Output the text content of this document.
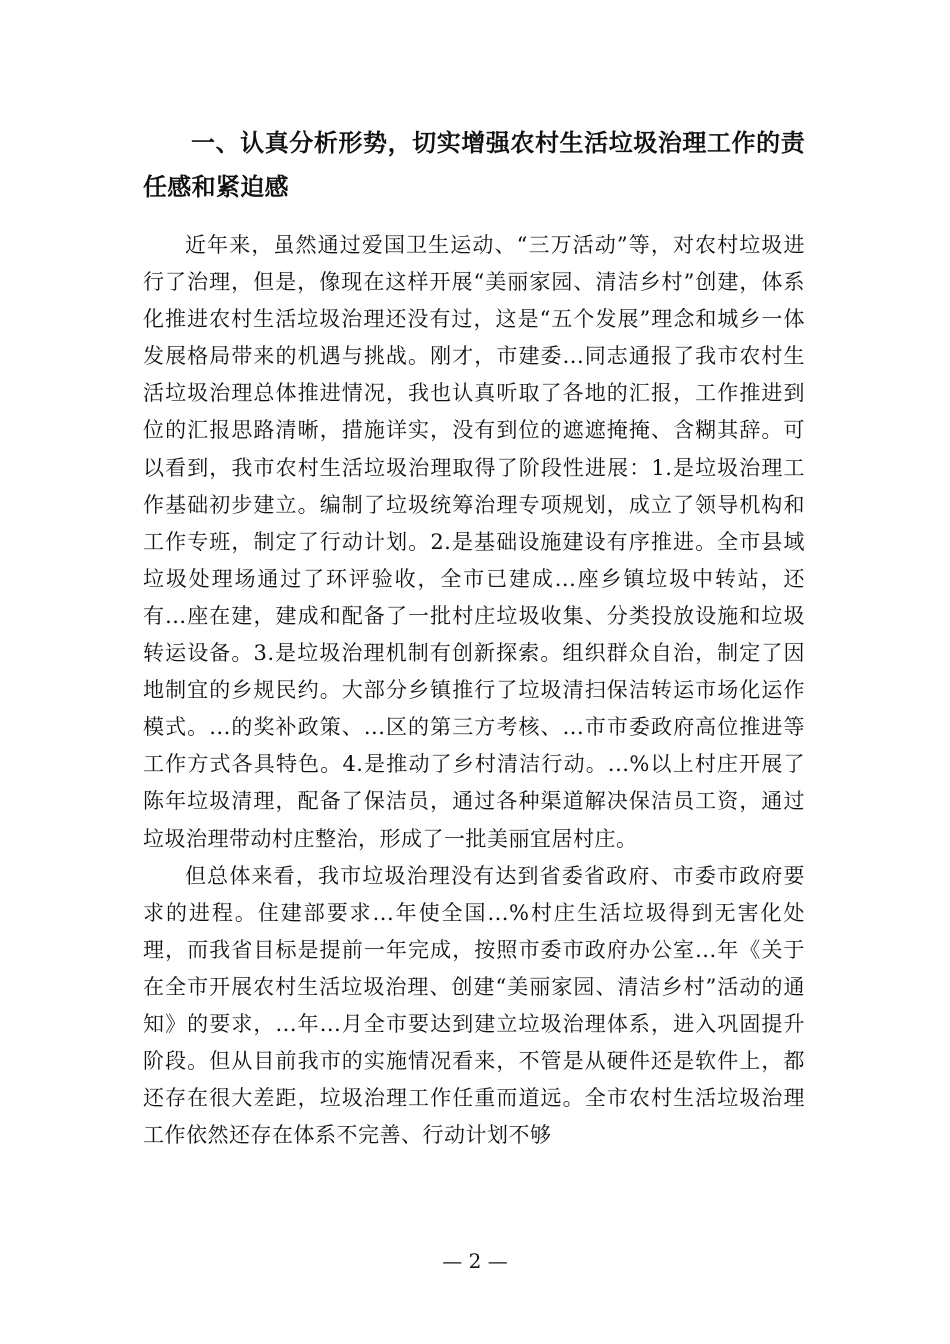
一、认真分析形势，切实增强农村生活垃圾治理工作的责任感和紧迫感

近年来，虽然通过爱国卫生运动、“三万活动”等，对农村垃圾进行了治理，但是，像现在这样开展“美丽家园、清洁乡村”创建，体系化推进农村生活垃圾治理还没有过，这是“五个发展”理念和城乡一体发展格局带来的机遇与挑战。刚才，市建委...同志通报了我市农村生活垃圾治理总体推进情况，我也认真听取了各地的汇报，工作推进到位的汇报思路清晰，措施详实，没有到位的遮遮掩掩、含糊其辞。可以看到，我市农村生活垃圾治理取得了阶段性进展：1.是垃圾治理工作基础初步建立。编制了垃圾统筹治理专项规划，成立了领导机构和工作专班，制定了行动计划。2.是基础设施建设有序推进。全市县域垃圾处理场通过了环评验收，全市已建成...座乡镇垃圾中转站，还有...座在建，建成和配备了一批村庄垃圾收集、分类投放设施和垃圾转运设备。3.是垃圾治理机制有创新探索。组织群众自治，制定了因地制宜的乡规民约。大部分乡镇推行了垃圾清扫保洁转运市场化运作模式。...的奖补政策、...区的第三方考核、...市市委政府高位推进等工作方式各具特色。4.是推动了乡村清洁行动。...%以上村庄开展了陈年垃圾清理，配备了保洁员，通过各种渠道解决保洁员工资，通过垃圾治理带动村庄整治，形成了一批美丽宜居村庄。

但总体来看，我市垃圾治理没有达到省委省政府、市委市政府要求的进程。住建部要求...年使全国...%村庄生活垃圾得到无害化处理，而我省目标是提前一年完成，按照市委市政府办公室...年《关于在全市开展农村生活垃圾治理、创建“美丽家园、清洁乡村”活动的通知》的要求，...年...月全市要达到建立垃圾治理体系，进入巩固提升阶段。但从目前我市的实施情况看来，不管是从硬件还是软件上，都还存在很大差距，垃圾治理工作任重而道远。全市农村生活垃圾治理工作依然还存在体系不完善、行动计划不够

— 2 —
